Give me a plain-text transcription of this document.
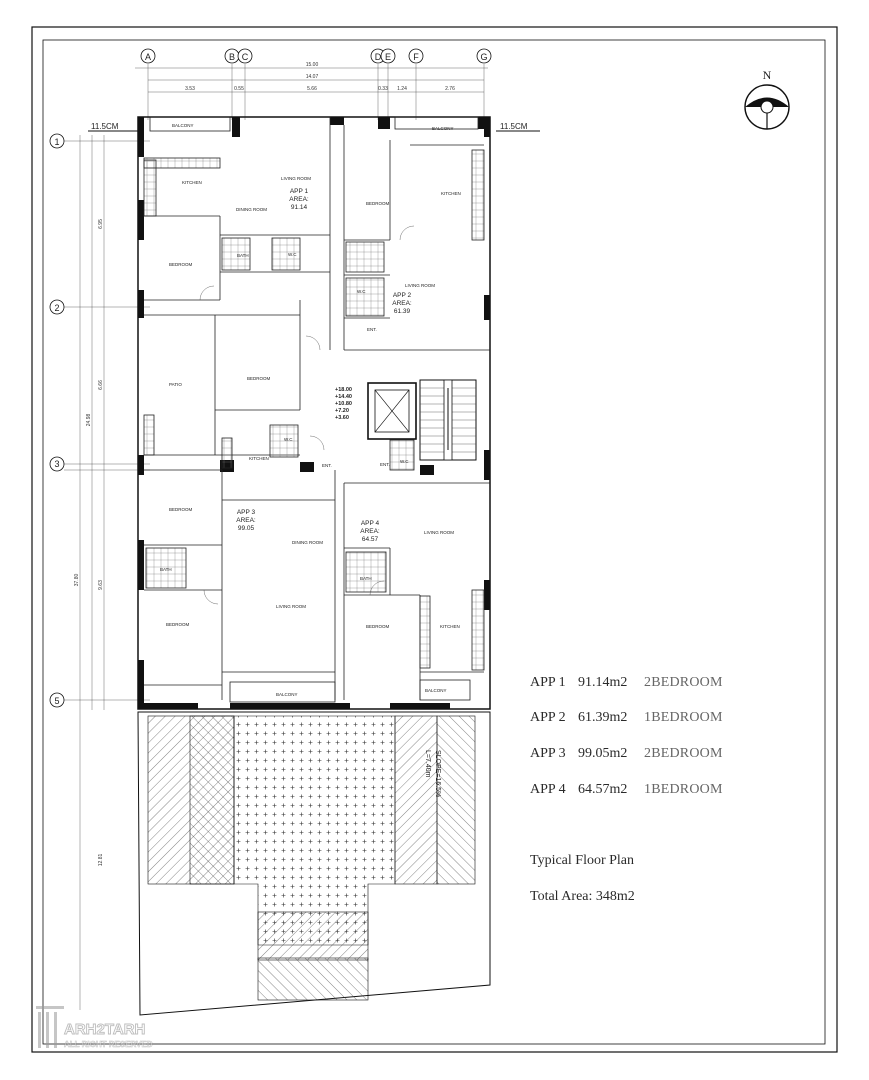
N
A	B C	D E F	G
15.00
14.07
3.53	0.55	5.66	0.33 1.24	2.76
1
2
3
5
37.80
24.98
6.95
6.66
9.63
12.81
11.5CM	11.5CM
+18.00
+14.40
+10.80
+7.20
+3.60
SLOPE=16.5%
L=7.40m
BALCONY
BALCONY
BALCONY
BALCONY
KITCHEN
KITCHEN
KITCHEN
KITCHEN
LIVING ROOM
LIVING ROOM
LIVING ROOM
LIVING ROOM
DINING ROOM
DINING ROOM
BEDROOM
BEDROOM
BEDROOM
BEDROOM
BEDROOM	BEDROOM
BATH
BATH
BATH
W.C
W.C
W.C
W.C
PATIO
ENT.
ENT.	ENT.
APP 1
AREA:
91.14
APP 2
AREA:
61.39
APP 3
AREA:
99.05
APP 4
AREA:
64.57
ARH2TARH
ALL RIGHT RESERVED
APP 1 91.14m2 2BEDROOM
APP 2 61.39m2 1BEDROOM
APP 3 99.05m2 2BEDROOM
APP 4 64.57m2 1BEDROOM
Typical Floor Plan
Total Area: 348m2
